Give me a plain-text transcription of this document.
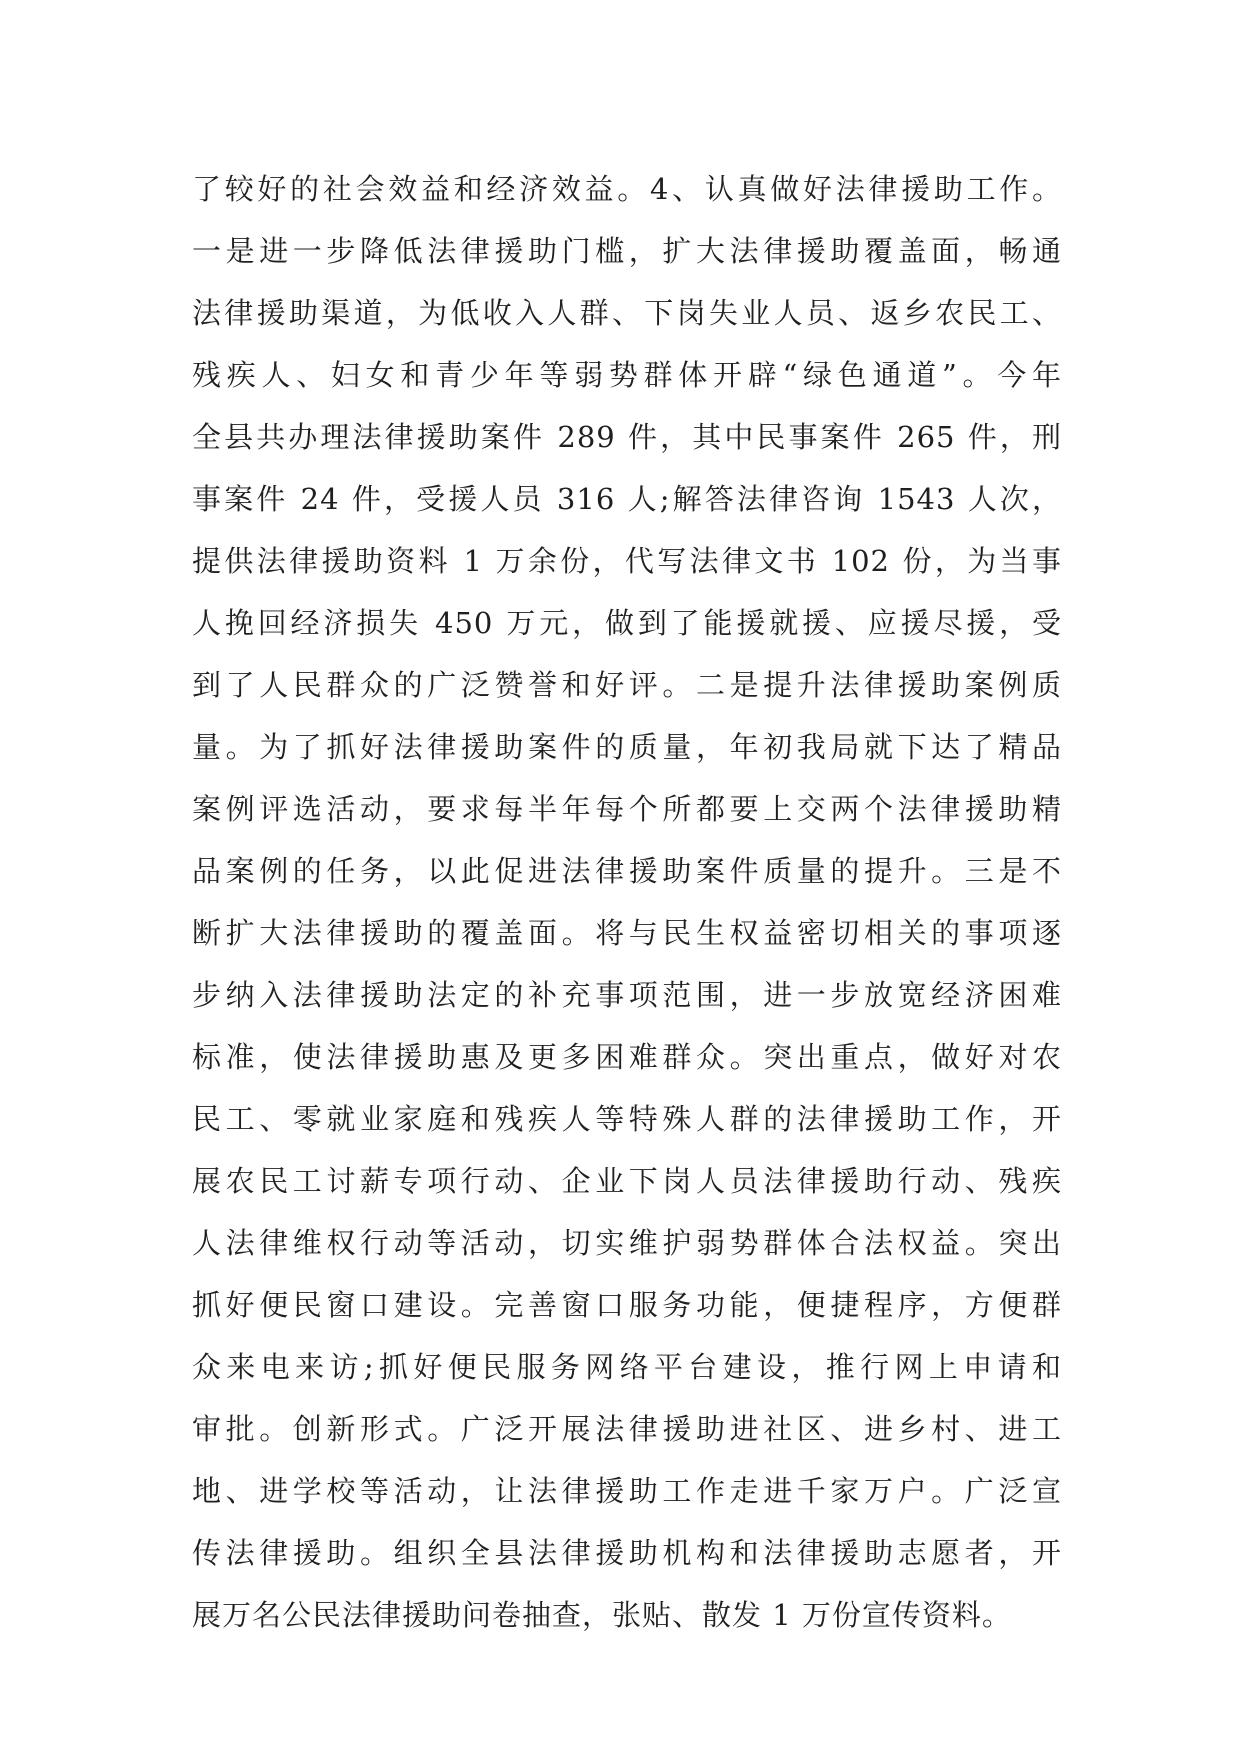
了较好的社会效益和经济效益。4、认真做好法律援助工作。
一是进一步降低法律援助门槛，扩大法律援助覆盖面，畅通
法律援助渠道，为低收入人群、下岗失业人员、返乡农民工、
残疾人、妇女和青少年等弱势群体开辟“绿色通道”。今年
全县共办理法律援助案件 289 件，其中民事案件 265 件，刑
事案件 24 件，受援人员 316 人;解答法律咨询 1543 人次，
提供法律援助资料 1 万余份，代写法律文书 102 份，为当事
人挽回经济损失 450 万元，做到了能援就援、应援尽援，受
到了人民群众的广泛赞誉和好评。二是提升法律援助案例质
量。为了抓好法律援助案件的质量，年初我局就下达了精品
案例评选活动，要求每半年每个所都要上交两个法律援助精
品案例的任务，以此促进法律援助案件质量的提升。三是不
断扩大法律援助的覆盖面。将与民生权益密切相关的事项逐
步纳入法律援助法定的补充事项范围，进一步放宽经济困难
标准，使法律援助惠及更多困难群众。突出重点，做好对农
民工、零就业家庭和残疾人等特殊人群的法律援助工作，开
展农民工讨薪专项行动、企业下岗人员法律援助行动、残疾
人法律维权行动等活动，切实维护弱势群体合法权益。突出
抓好便民窗口建设。完善窗口服务功能，便捷程序，方便群
众来电来访;抓好便民服务网络平台建设，推行网上申请和
审批。创新形式。广泛开展法律援助进社区、进乡村、进工
地、进学校等活动，让法律援助工作走进千家万户。广泛宣
传法律援助。组织全县法律援助机构和法律援助志愿者，开
展万名公民法律援助问卷抽查，张贴、散发 1 万份宣传资料。
